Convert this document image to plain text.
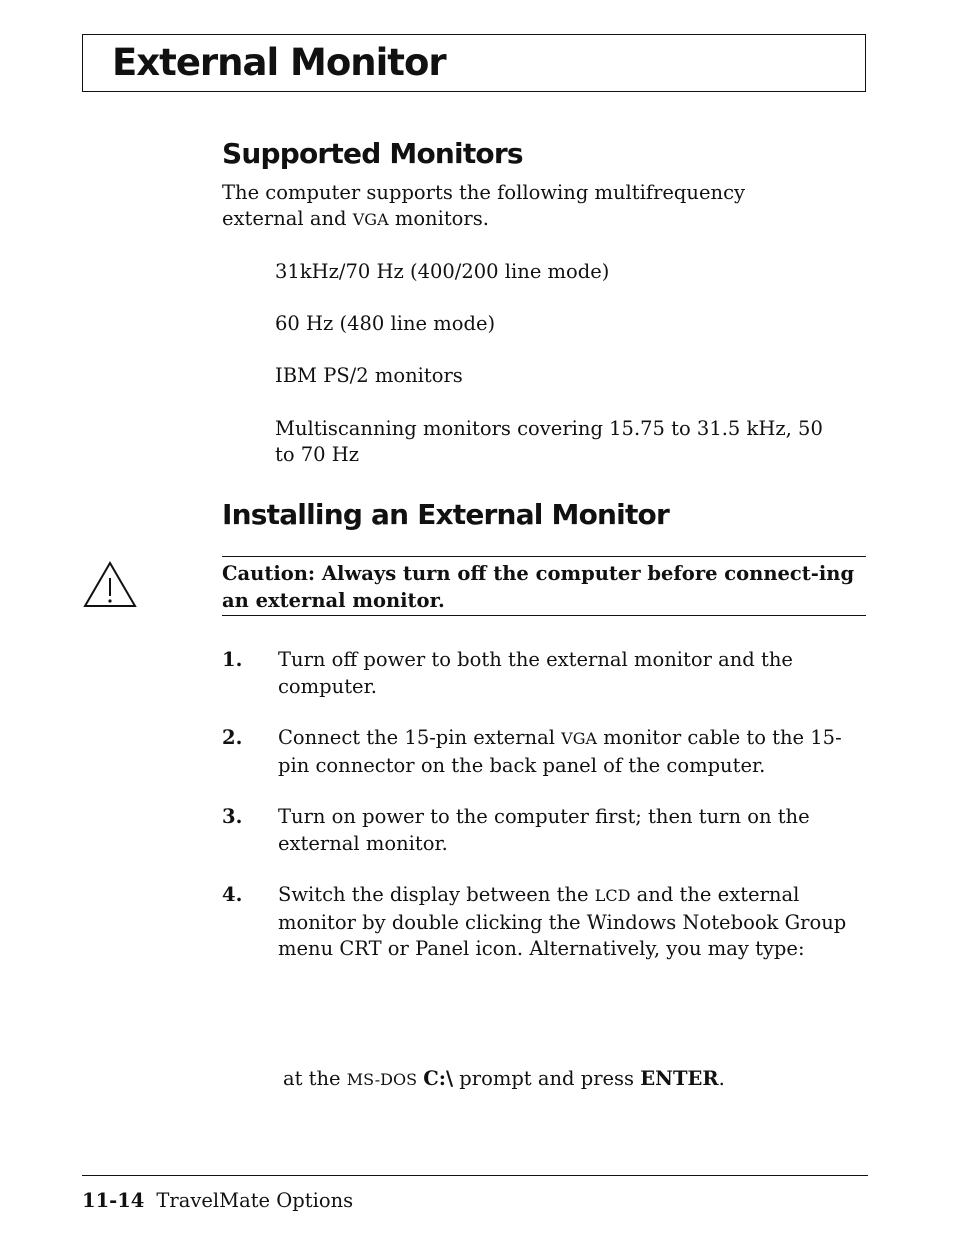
External Monitor
Supported Monitors

The computer supports the following multifrequency external and VGA monitors.

31kHz/70 Hz (400/200 line mode)

60 Hz (480 line mode)

IBM PS/2 monitors

Multiscanning monitors covering 15.75 to 31.5 kHz, 50 to 70 Hz

Installing an External Monitor
Caution: Always turn off the computer before connect-ing an external monitor.
1. Turn off power to both the external monitor and the computer.
2. Connect the 15-pin external VGA monitor cable to the 15-pin connector on the back panel of the computer.
3. Turn on power to the computer first; then turn on the external monitor.
4. Switch the display between the LCD and the external monitor by double clicking the Windows Notebook Group menu CRT or Panel icon. Alternatively, you may type:

at the MS-DOS C:\ prompt and press ENTER.

11-14 TravelMate Options
